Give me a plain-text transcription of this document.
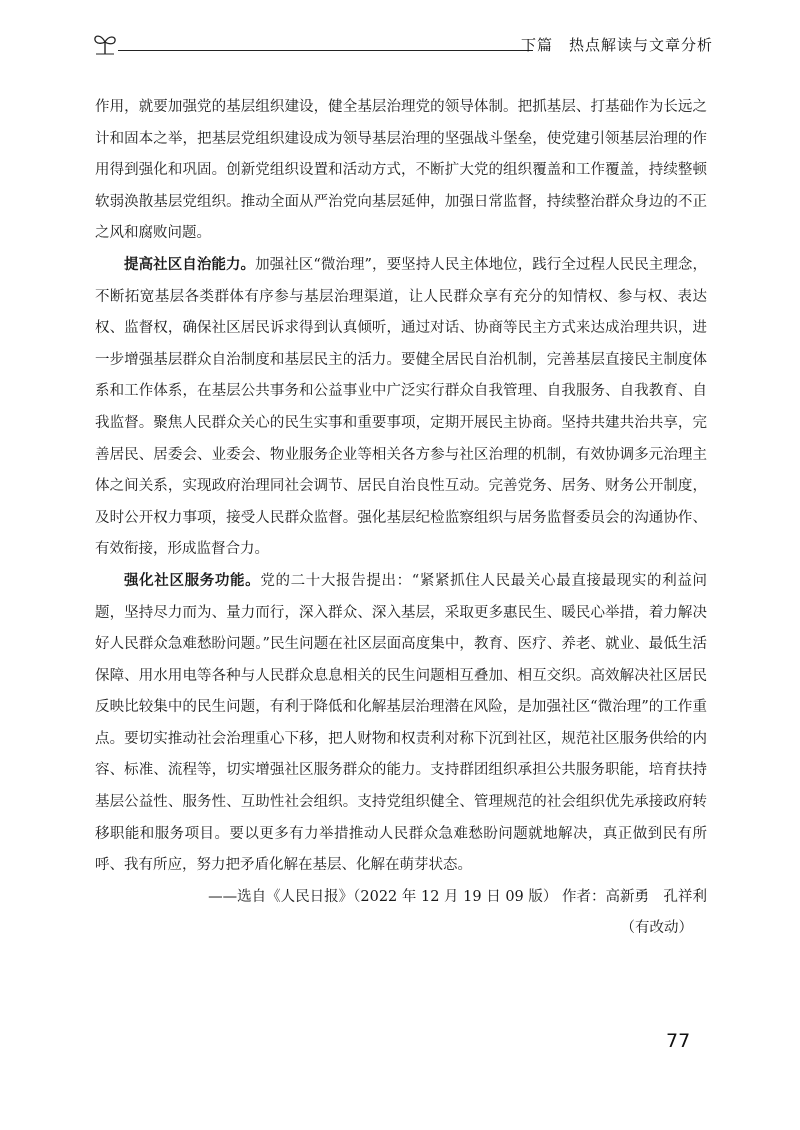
下篇　热点解读与文章分析

作用，就要加强党的基层组织建设，健全基层治理党的领导体制。把抓基层、打基础作为长远之计和固本之举，把基层党组织建设成为领导基层治理的坚强战斗堡垒，使党建引领基层治理的作用得到强化和巩固。创新党组织设置和活动方式，不断扩大党的组织覆盖和工作覆盖，持续整顿软弱涣散基层党组织。推动全面从严治党向基层延伸，加强日常监督，持续整治群众身边的不正之风和腐败问题。

提高社区自治能力。加强社区“微治理”，要坚持人民主体地位，践行全过程人民民主理念，不断拓宽基层各类群体有序参与基层治理渠道，让人民群众享有充分的知情权、参与权、表达权、监督权，确保社区居民诉求得到认真倾听，通过对话、协商等民主方式来达成治理共识，进一步增强基层群众自治制度和基层民主的活力。要健全居民自治机制，完善基层直接民主制度体系和工作体系，在基层公共事务和公益事业中广泛实行群众自我管理、自我服务、自我教育、自我监督。聚焦人民群众关心的民生实事和重要事项，定期开展民主协商。坚持共建共治共享，完善居民、居委会、业委会、物业服务企业等相关各方参与社区治理的机制，有效协调多元治理主体之间关系，实现政府治理同社会调节、居民自治良性互动。完善党务、居务、财务公开制度，及时公开权力事项，接受人民群众监督。强化基层纪检监察组织与居务监督委员会的沟通协作、有效衔接，形成监督合力。

强化社区服务功能。党的二十大报告提出：“紧紧抓住人民最关心最直接最现实的利益问题，坚持尽力而为、量力而行，深入群众、深入基层，采取更多惠民生、暖民心举措，着力解决好人民群众急难愁盼问题。”民生问题在社区层面高度集中，教育、医疗、养老、就业、最低生活保障、用水用电等各种与人民群众息息相关的民生问题相互叠加、相互交织。高效解决社区居民反映比较集中的民生问题，有利于降低和化解基层治理潜在风险，是加强社区“微治理”的工作重点。要切实推动社会治理重心下移，把人财物和权责利对称下沉到社区，规范社区服务供给的内容、标准、流程等，切实增强社区服务群众的能力。支持群团组织承担公共服务职能，培育扶持基层公益性、服务性、互助性社会组织。支持党组织健全、管理规范的社会组织优先承接政府转移职能和服务项目。要以更多有力举措推动人民群众急难愁盼问题就地解决，真正做到民有所呼、我有所应，努力把矛盾化解在基层、化解在萌芽状态。

——选自《人民日报》（2022 年 12 月 19 日 09 版） 作者：高新勇　孔祥利

（有改动）

77
